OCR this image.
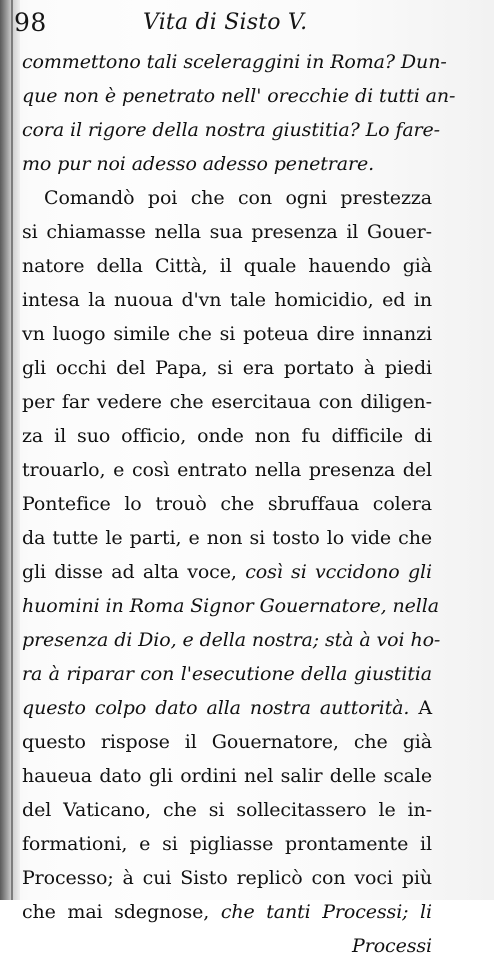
98	Vita di Sisto V.
commettono tali sceleraggini in Roma? Dun-
que non è penetrato nell' orecchie di tutti an-
cora il rigore della nostra giustitia? Lo fare-
mo pur noi adesso adesso penetrare.
Comandò poi che con ogni prestezza
si chiamasse nella sua presenza il Gouer-
natore della Città, il quale hauendo già
intesa la nuoua d'vn tale homicidio, ed in
vn luogo simile che si poteua dire innanzi
gli occhi del Papa, si era portato à piedi
per far vedere che esercitaua con diligen-
za il suo officio, onde non fu difficile di
trouarlo, e così entrato nella presenza del
Pontefice lo trouò che sbruffaua colera
da tutte le parti, e non si tosto lo vide che
gli disse ad alta voce, così si vccidono gli
huomini in Roma Signor Gouernatore, nella
presenza di Dio, e della nostra; stà à voi ho-
ra à riparar con l'esecutione della giustitia
questo colpo dato alla nostra auttorità. A
questo rispose il Gouernatore, che già
haueua dato gli ordini nel salir delle scale
del Vaticano, che si sollecitassero le in-
formationi, e si pigliasse prontamente il
Processo; à cui Sisto replicò con voci più
che mai sdegnose, che tanti Processi; li
Processi
